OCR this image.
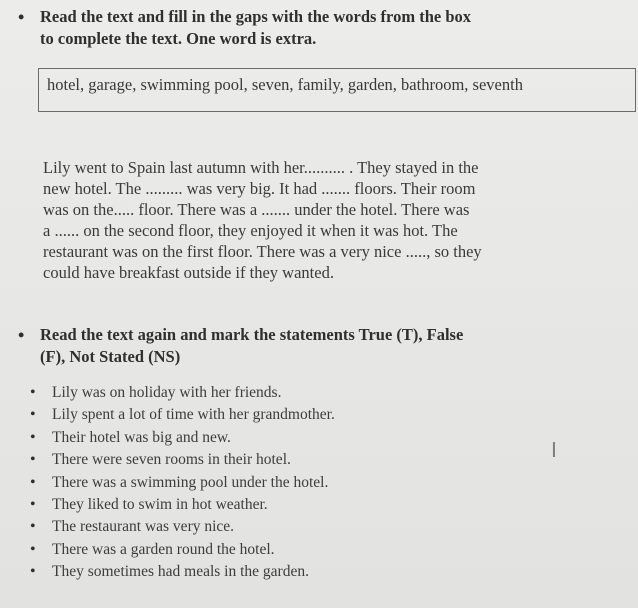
• Read the text and fill in the gaps with the words from the box
to complete the text. One word is extra.
hotel, garage, swimming pool, seven, family, garden, bathroom, seventh
Lily went to Spain last autumn with her.......... . They stayed in the
new hotel. The ......... was very big. It had ....... floors. Their room
was on the..... floor. There was a ....... under the hotel. There was
a ...... on the second floor, they enjoyed it when it was hot. The
restaurant was on the first floor. There was a very nice ....., so they
could have breakfast outside if they wanted.
• Read the text again and mark the statements True (T), False
(F), Not Stated (NS)
• Lily was on holiday with her friends.
• Lily spent a lot of time with her grandmother.
• Their hotel was big and new.
• There were seven rooms in their hotel.
• There was a swimming pool under the hotel.
• They liked to swim in hot weather.
• The restaurant was very nice.
• There was a garden round the hotel.
• They sometimes had meals in the garden.
I
